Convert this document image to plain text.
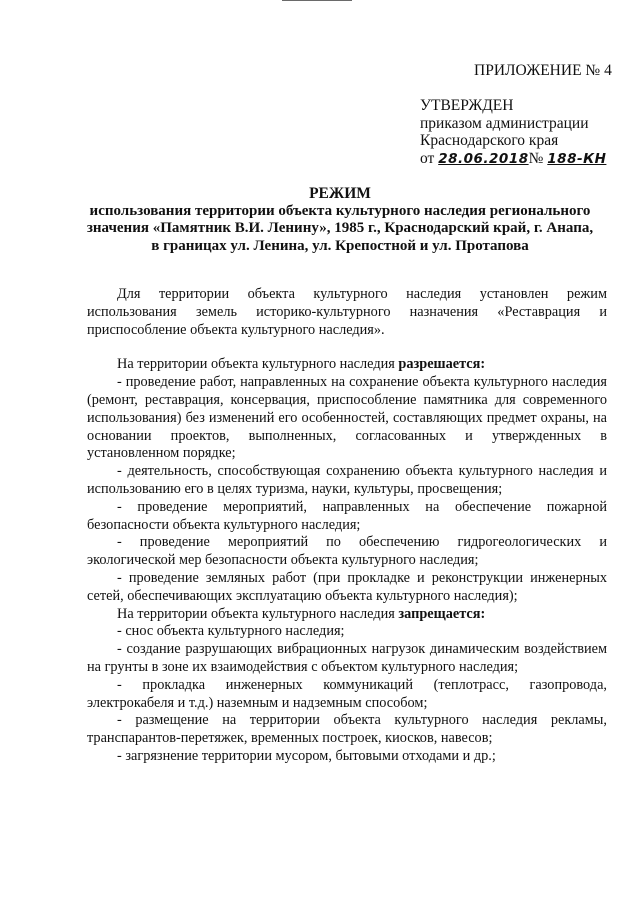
ПРИЛОЖЕНИЕ № 4
УТВЕРЖДЕН
приказом администрации
Краснодарского края
от 28.06.2018№ 188-КН
РЕЖИМ
использования территории объекта культурного наследия регионального
значения «Памятник В.И. Ленину», 1985 г., Краснодарский край, г. Анапа,
в границах ул. Ленина, ул. Крепостной и ул. Протапова

Для территории объекта культурного наследия установлен режим использования земель историко-культурного назначения «Реставрация и приспособление объекта культурного наследия».

На территории объекта культурного наследия разрешается:

- проведение работ, направленных на сохранение объекта культурного наследия (ремонт, реставрация, консервация, приспособление памятника для современного использования) без изменений его особенностей, составляющих предмет охраны, на основании проектов, выполненных, согласованных и утвержденных в установленном порядке;

- деятельность, способствующая сохранению объекта культурного наследия и использованию его в целях туризма, науки, культуры, просвещения;

- проведение мероприятий, направленных на обеспечение пожарной безопасности объекта культурного наследия;

- проведение мероприятий по обеспечению гидрогеологических и экологической мер безопасности объекта культурного наследия;

- проведение земляных работ (при прокладке и реконструкции инженерных сетей, обеспечивающих эксплуатацию объекта культурного наследия);

На территории объекта культурного наследия запрещается:

- снос объекта культурного наследия;

- создание разрушающих вибрационных нагрузок динамическим воздействием на грунты в зоне их взаимодействия с объектом культурного наследия;

- прокладка инженерных коммуникаций (теплотрасс, газопровода, электрокабеля и т.д.) наземным и надземным способом;

- размещение на территории объекта культурного наследия рекламы, транспарантов-перетяжек, временных построек, киосков, навесов;

- загрязнение территории мусором, бытовыми отходами и др.;
